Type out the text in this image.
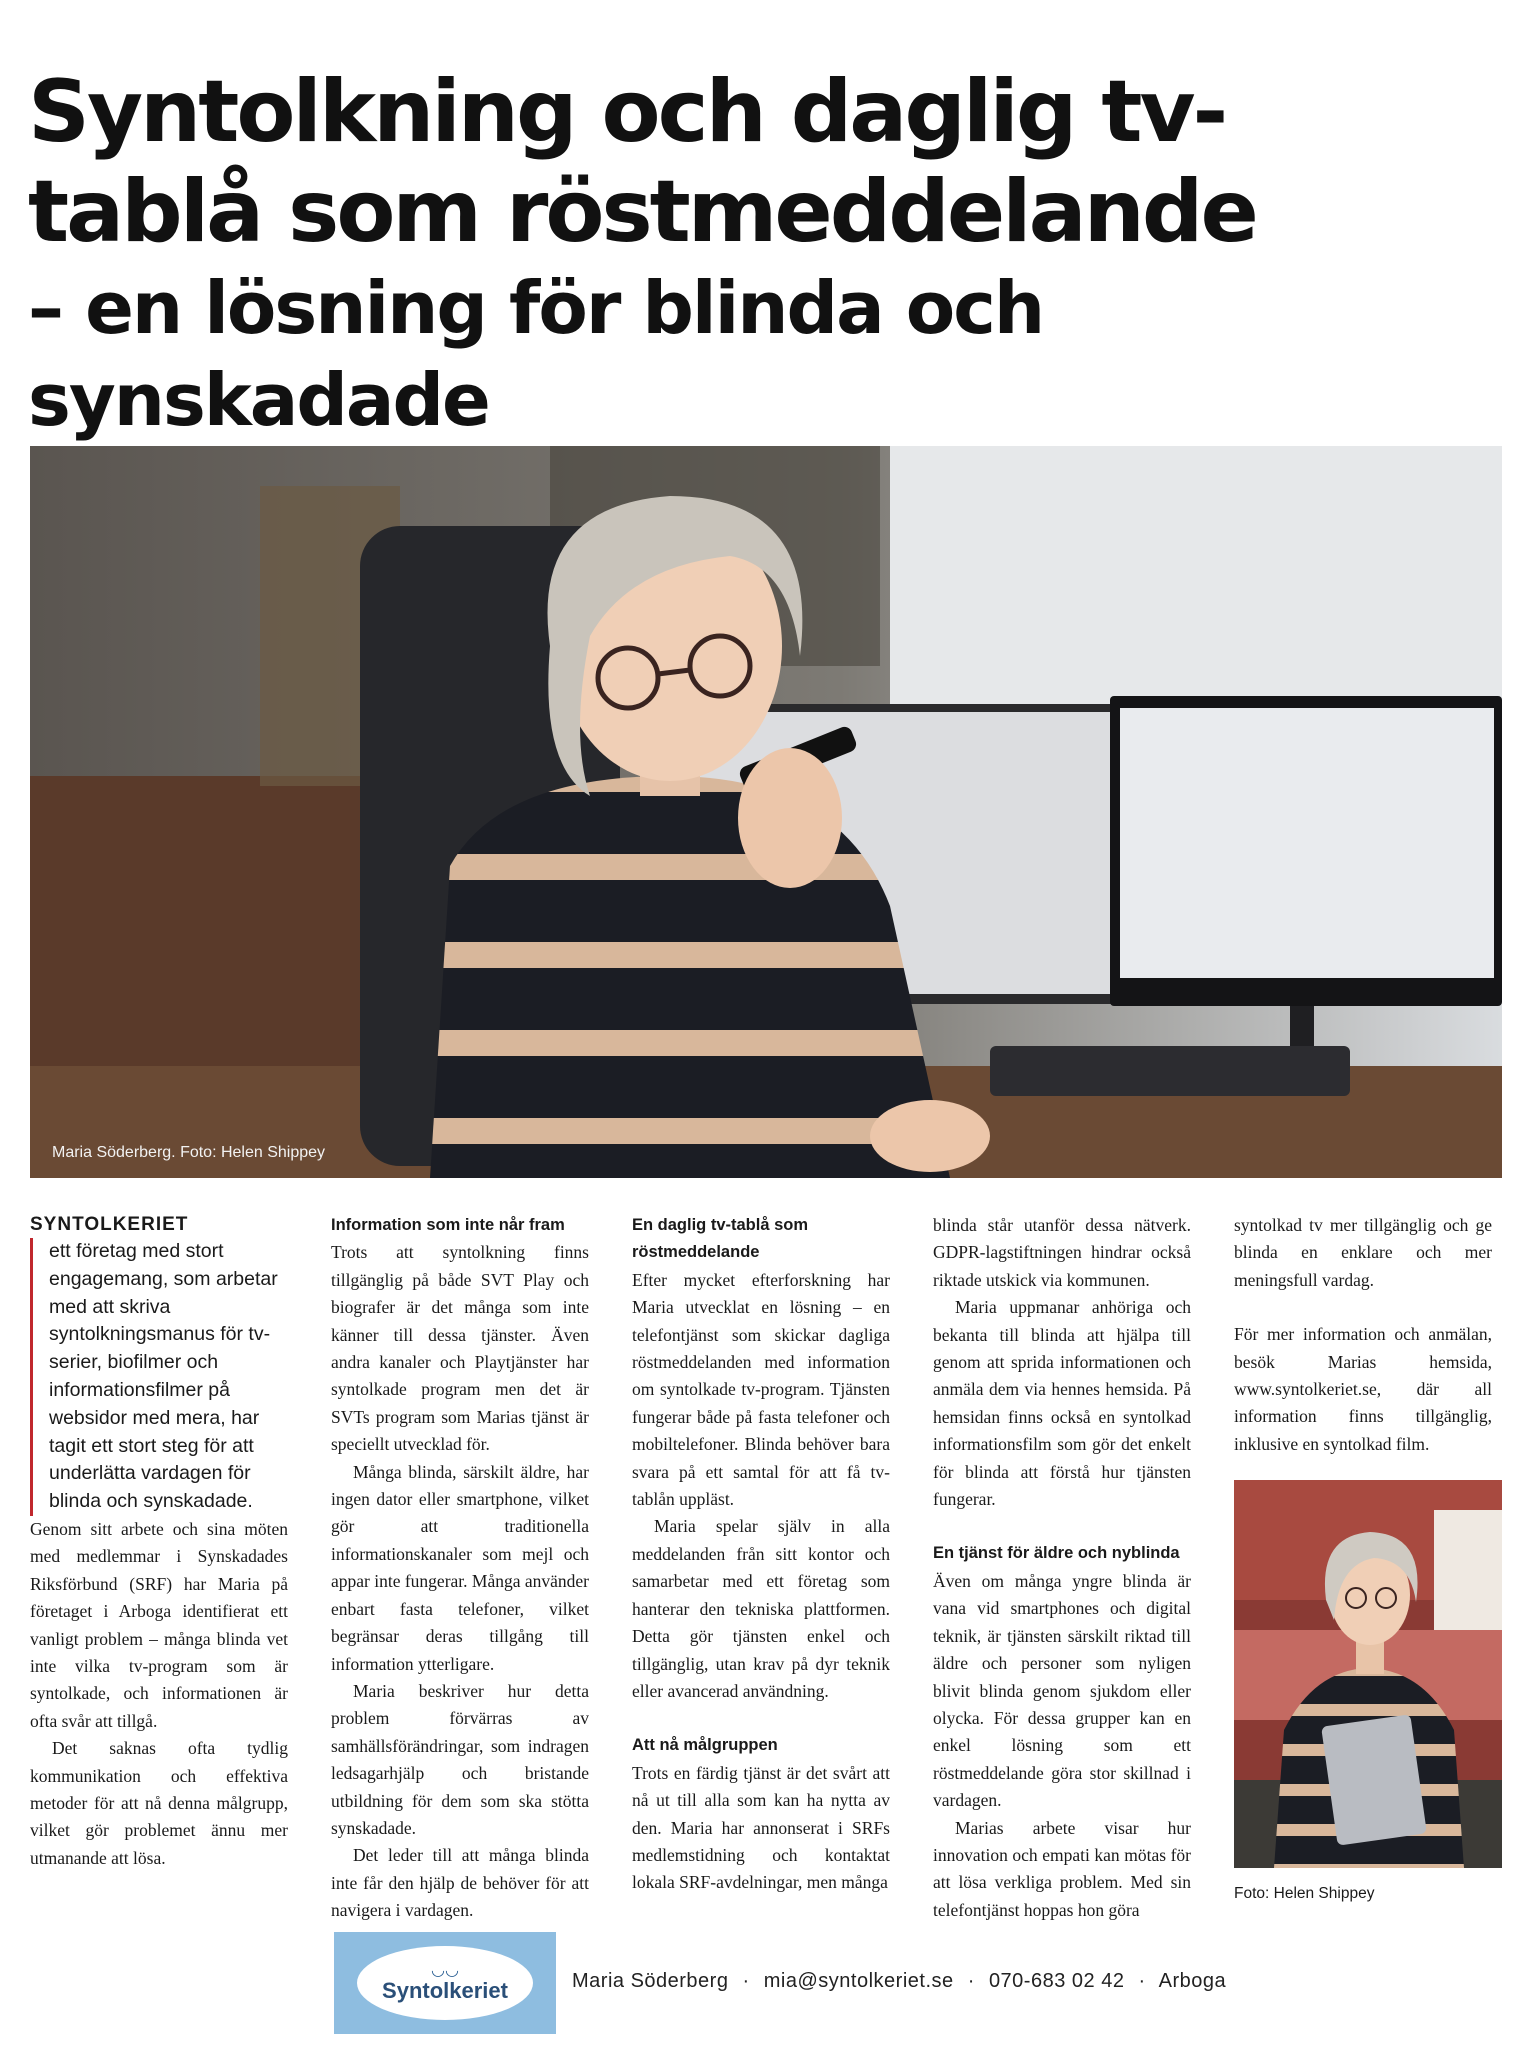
Syntolkning och daglig tv-
tablå som röstmeddelande

– en lösning för blinda och synskadade
Maria Söderberg. Foto: Helen Shippey
SYNTOLKERIET

ett företag med stort engagemang, som arbetar med att skriva syntolkningsmanus för tv-serier, biofilmer och informationsfilmer på websidor med mera, har tagit ett stort steg för att underlätta vardagen för blinda och synskadade.

Genom sitt arbete och sina möten med medlemmar i Synskadades Riksförbund (SRF) har Maria på företaget i Arboga identifierat ett vanligt problem – många blinda vet inte vilka tv-program som är syntolkade, och informationen är ofta svår att tillgå.

Det saknas ofta tydlig kommunikation och effektiva metoder för att nå denna målgrupp, vilket gör problemet ännu mer utmanande att lösa.

Information som inte når fram

Trots att syntolkning finns tillgänglig på både SVT Play och biografer är det många som inte känner till dessa tjänster. Även andra kanaler och Playtjänster har syntolkade program men det är SVTs program som Marias tjänst är speciellt utvecklad för.

Många blinda, särskilt äldre, har ingen dator eller smartphone, vilket gör att traditionella informationskanaler som mejl och appar inte fungerar. Många använder enbart fasta telefoner, vilket begränsar deras tillgång till information ytterligare.

Maria beskriver hur detta problem förvärras av samhällsförändringar, som indragen ledsagarhjälp och bristande utbildning för dem som ska stötta synskadade.

Det leder till att många blinda inte får den hjälp de behöver för att navigera i vardagen.

En daglig tv-tablå som röstmeddelande

Efter mycket efterforskning har Maria utvecklat en lösning – en telefontjänst som skickar dagliga röstmeddelanden med information om syntolkade tv-program. Tjänsten fungerar både på fasta telefoner och mobiltelefoner. Blinda behöver bara svara på ett samtal för att få tv-tablån uppläst.

Maria spelar själv in alla meddelanden från sitt kontor och samarbetar med ett företag som hanterar den tekniska plattformen. Detta gör tjänsten enkel och tillgänglig, utan krav på dyr teknik eller avancerad användning.

Att nå målgruppen

Trots en färdig tjänst är det svårt att nå ut till alla som kan ha nytta av den. Maria har annonserat i SRFs medlemstidning och kontaktat lokala SRF-avdelningar, men många

blinda står utanför dessa nätverk. GDPR-lagstiftningen hindrar också riktade utskick via kommunen.

Maria uppmanar anhöriga och bekanta till blinda att hjälpa till genom att sprida informationen och anmäla dem via hennes hemsida. På hemsidan finns också en syntolkad informationsfilm som gör det enkelt för blinda att förstå hur tjänsten fungerar.

En tjänst för äldre och nyblinda

Även om många yngre blinda är vana vid smartphones och digital teknik, är tjänsten särskilt riktad till äldre och personer som nyligen blivit blinda genom sjukdom eller olycka. För dessa grupper kan en enkel lösning som ett röstmeddelande göra stor skillnad i vardagen.

Marias arbete visar hur innovation och empati kan mötas för att lösa verkliga problem. Med sin telefontjänst hoppas hon göra

syntolkad tv mer tillgänglig och ge blinda en enklare och mer meningsfull vardag.

För mer information och anmälan, besök Marias hemsida, www.syntolkeriet.se, där all information finns tillgänglig, inklusive en syntolkad film.

Foto: Helen Shippey
◡◡
Syntolkeriet	Maria Söderberg · mia@syntolkeriet.se · 070-683 02 42 · Arboga
